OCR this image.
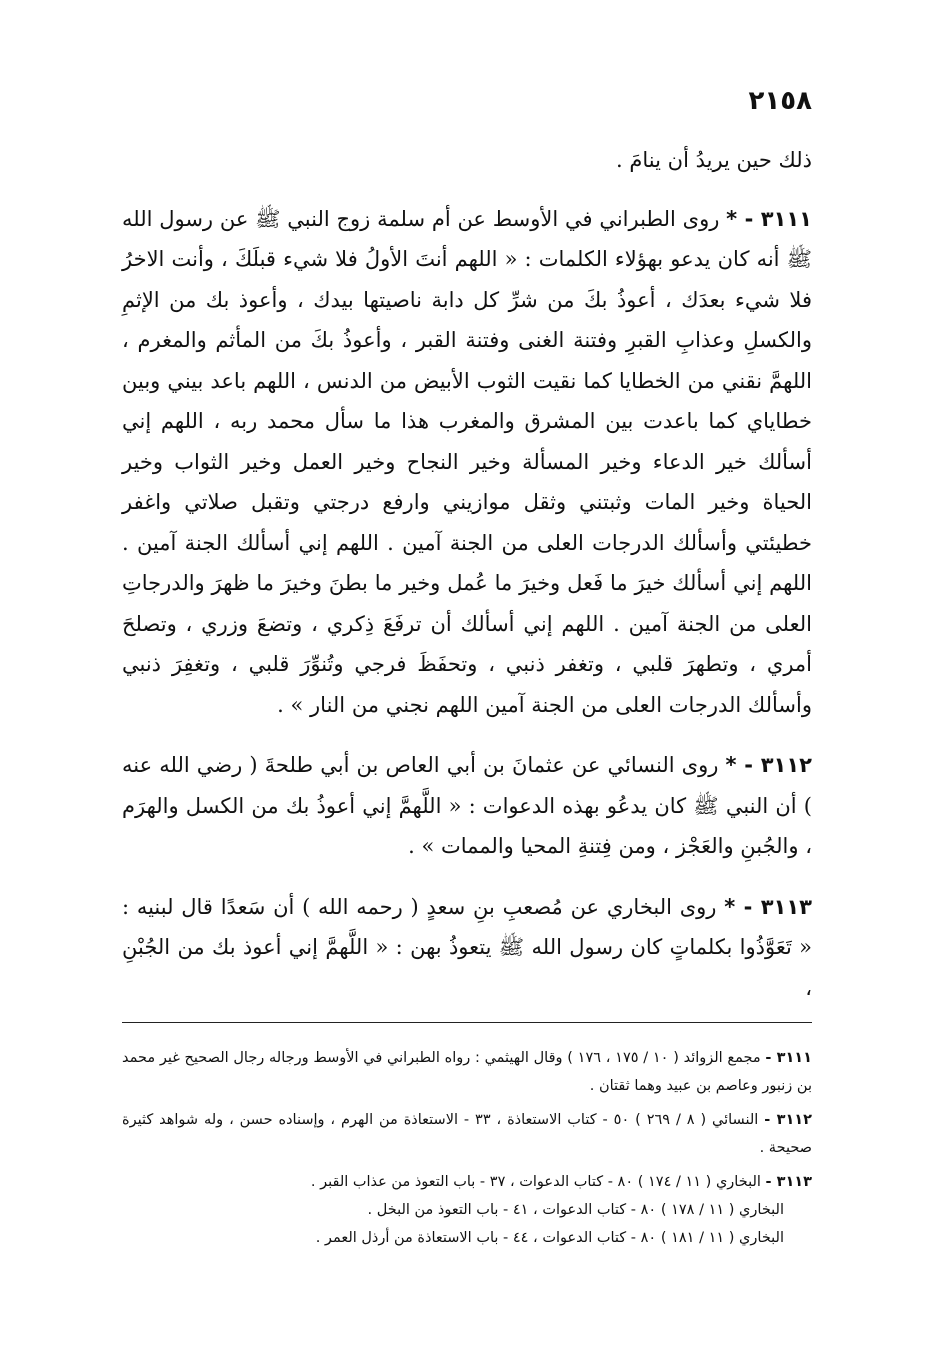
٢١٥٨

ذلك حين يريدُ أن ينامَ .

٣١١١ - * روى الطبراني في الأوسط عن أم سلمة زوج النبي ﷺ عن رسول الله ﷺ أنه كان يدعو بهؤلاء الكلمات : « اللهم أنتَ الأولُ فلا شيء قبلَكَ ، وأنت الاخرُ فلا شيء بعدَك ، أعوذُ بكَ من شرِّ كل دابة ناصيتها بيدك ، وأعوذ بك من الإثمِ والكسلِ وعذابِ القبرِ وفتنة الغنى وفتنة القبر ، وأعوذُ بكَ من المأثم والمغرم ، اللهمَّ نقني من الخطايا كما نقيت الثوب الأبيض من الدنس ، اللهم باعد بيني وبين خطاياي كما باعدت بين المشرق والمغرب هذا ما سأل محمد ربه ، اللهم إني أسألك خير الدعاء وخير المسألة وخير النجاح وخير العمل وخير الثواب وخير الحياة وخير المات وثبتني وثقل موازيني وارفع درجتي وتقبل صلاتي واغفر خطيئتي وأسألك الدرجات العلى من الجنة آمين . اللهم إني أسألك الجنة آمين . اللهم إني أسألك خيرَ ما فَعل وخيرَ ما عُمل وخير ما بطنَ وخيرَ ما ظهرَ والدرجاتِ العلى من الجنة آمين . اللهم إني أسألك أن ترفَعَ ذِكري ، وتضعَ وزري ، وتصلحَ أمري ، وتطهرَ قلبي ، وتغفر ذنبي ، وتحفَظَ فرجي وتُنوِّرَ قلبي ، وتغفِرَ ذنبي وأسألك الدرجات العلى من الجنة آمين اللهم نجني من النار » .

٣١١٢ - * روى النسائي عن عثمانَ بن أبي العاص بن أبي طلحةَ ( رضي الله عنه ) أن النبي ﷺ كان يدعُو بهذه الدعوات : « اللَّهمَّ إني أعوذُ بك من الكسل والهرَم ، والجُبنِ والعَجْز ، ومن فِتنةِ المحيا والممات » .

٣١١٣ - * روى البخاري عن مُصعبِ بنِ سعدٍ ( رحمه الله ) أن سَعدًا قال لبنيه : « تَعَوَّذُوا بكلماتٍ كان رسول الله ﷺ يتعوذُ بهن : « اللَّهمَّ إني أعوذ بك من الجُبْنِ ،

٣١١١ - مجمع الزوائد ( ١٠ / ١٧٥ ، ١٧٦ ) وقال الهيثمي : رواه الطبراني في الأوسط ورجاله رجال الصحيح غير محمد بن زنبور وعاصم بن عبيد وهما ثقتان .

٣١١٢ - النسائي ( ٨ / ٢٦٩ ) ٥٠ - كتاب الاستعاذة ، ٣٣ - الاستعاذة من الهرم ، وإسناده حسن ، وله شواهد كثيرة صحيحة .

٣١١٣ - البخاري ( ١١ / ١٧٤ ) ٨٠ - كتاب الدعوات ، ٣٧ - باب التعوذ من عذاب القبر .
البخاري ( ١١ / ١٧٨ ) ٨٠ - كتاب الدعوات ، ٤١ - باب التعوذ من البخل .
البخاري ( ١١ / ١٨١ ) ٨٠ - كتاب الدعوات ، ٤٤ - باب الاستعاذة من أرذل العمر .
